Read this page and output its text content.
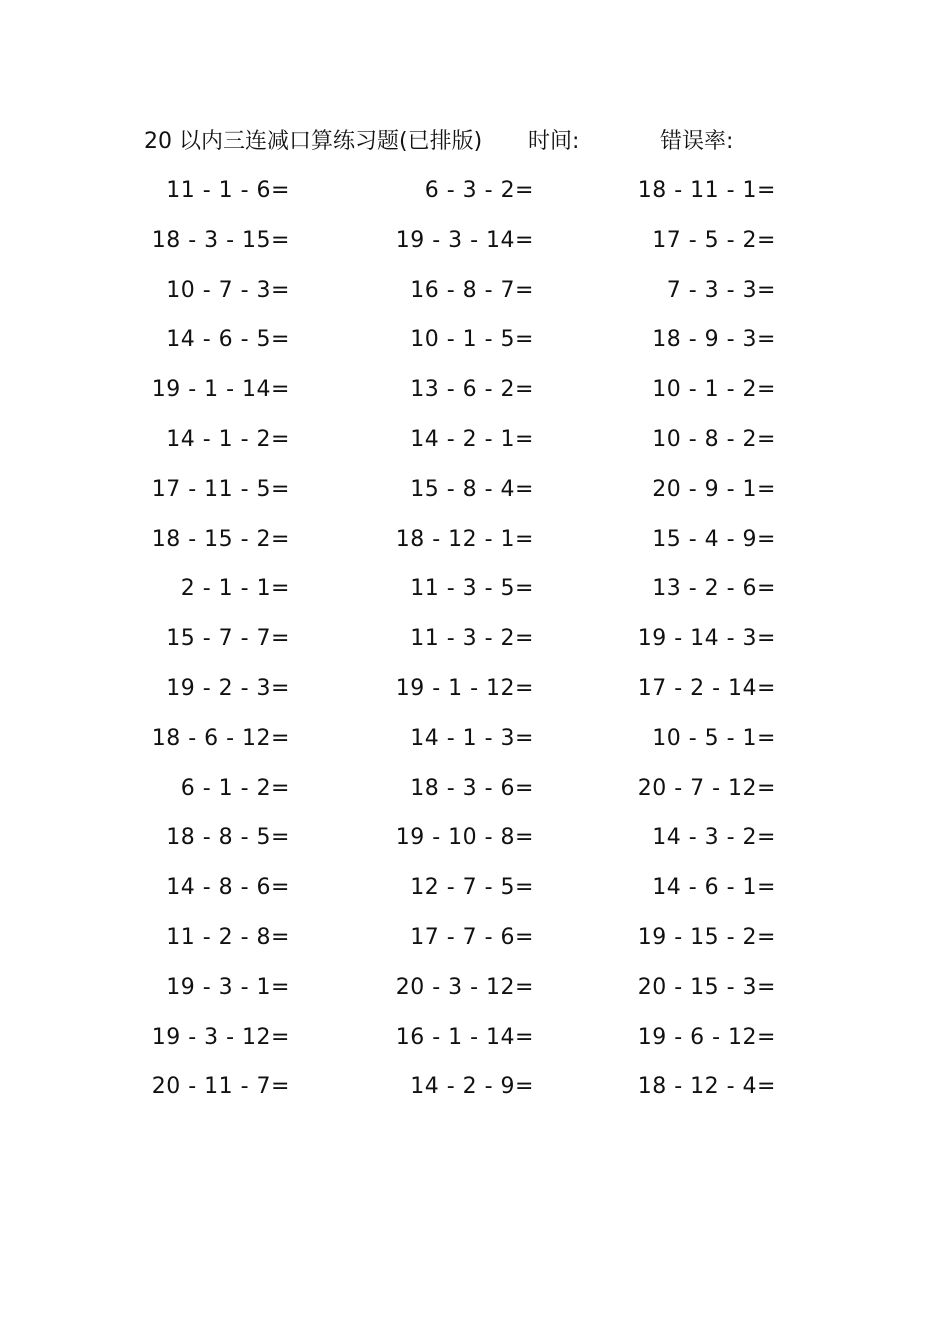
20 以内三连减口算练习题(已排版) 时间:	错误率:
11 - 1 - 6=	6 - 3 - 2=	18 - 11 - 1=
18 - 3 - 15=	19 - 3 - 14=	17 - 5 - 2=
10 - 7 - 3=	16 - 8 - 7=	7 - 3 - 3=
14 - 6 - 5=	10 - 1 - 5=	18 - 9 - 3=
19 - 1 - 14=	13 - 6 - 2=	10 - 1 - 2=
14 - 1 - 2=	14 - 2 - 1=	10 - 8 - 2=
17 - 11 - 5=	15 - 8 - 4=	20 - 9 - 1=
18 - 15 - 2=	18 - 12 - 1=	15 - 4 - 9=
2 - 1 - 1=	11 - 3 - 5=	13 - 2 - 6=
15 - 7 - 7=	11 - 3 - 2=	19 - 14 - 3=
19 - 2 - 3=	19 - 1 - 12=	17 - 2 - 14=
18 - 6 - 12=	14 - 1 - 3=	10 - 5 - 1=
6 - 1 - 2=	18 - 3 - 6=	20 - 7 - 12=
18 - 8 - 5=	19 - 10 - 8=	14 - 3 - 2=
14 - 8 - 6=	12 - 7 - 5=	14 - 6 - 1=
11 - 2 - 8=	17 - 7 - 6=	19 - 15 - 2=
19 - 3 - 1=	20 - 3 - 12=	20 - 15 - 3=
19 - 3 - 12=	16 - 1 - 14=	19 - 6 - 12=
20 - 11 - 7=	14 - 2 - 9=	18 - 12 - 4=
